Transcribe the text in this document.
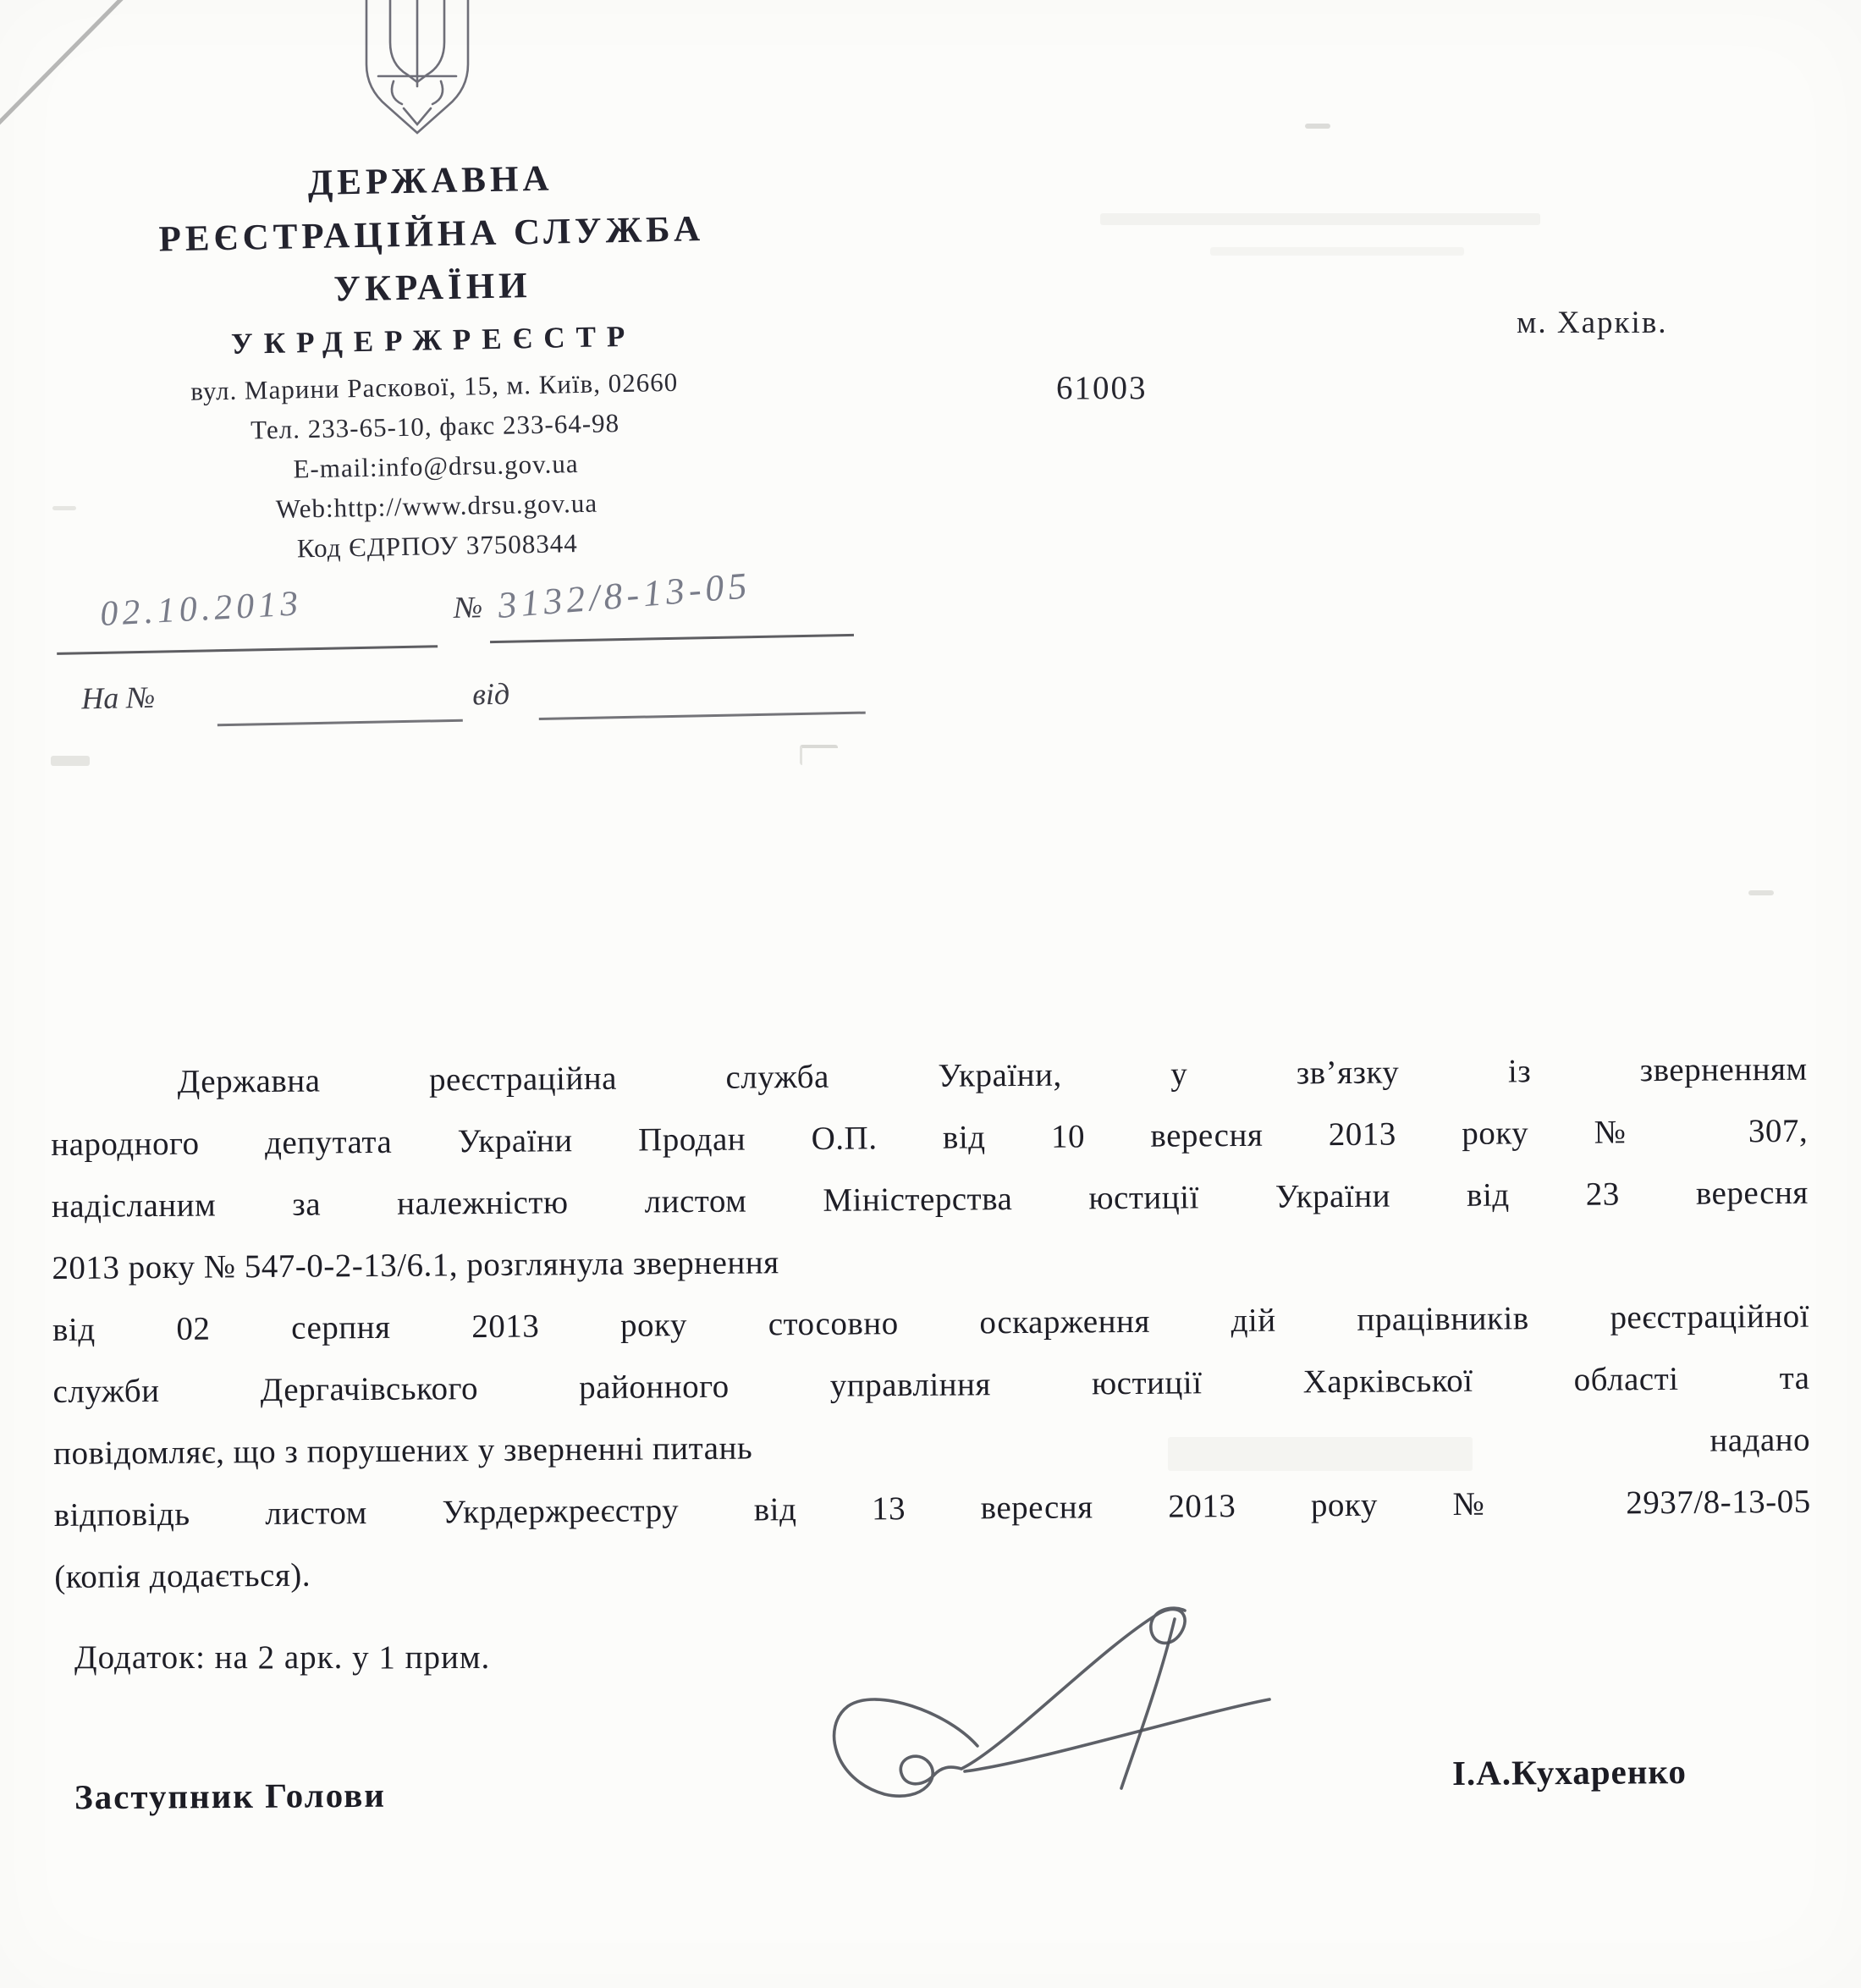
ДЕРЖАВНА
РЕЄСТРАЦІЙНА СЛУЖБА
УКРАЇНИ
УКРДЕРЖРЕЄСТР
вул. Марини Раскової, 15, м. Київ, 02660
Тел. 233-65-10, факс 233-64-98
E-mail:info@drsu.gov.ua
Web:http://www.drsu.gov.ua
Код ЄДРПОУ 37508344
02.10.2013	№ 3132/8-13-05
На №	від
м. Харків.
61003
Державна реєстраційна служба України, у зв’язку із зверненням
народного депутата України Продан О.П. від 10 вересня 2013 року № 307,
надісланим за належністю листом Міністерства юстиції України від 23 вересня
2013 року № 547-0-2-13/6.1, розглянула звернення
від 02 серпня 2013 року стосовно оскарження дій працівників реєстраційної
служби Дергачівського районного управління юстиції Харківської області та
повідомляє, що з порушених у зверненні питань	надано
відповідь листом Укрдержреєстру від 13 вересня 2013 року № 2937/8-13-05
(копія додається).
Додаток: на 2 арк. у 1 прим.
Заступник Голови
І.А.Кухаренко
